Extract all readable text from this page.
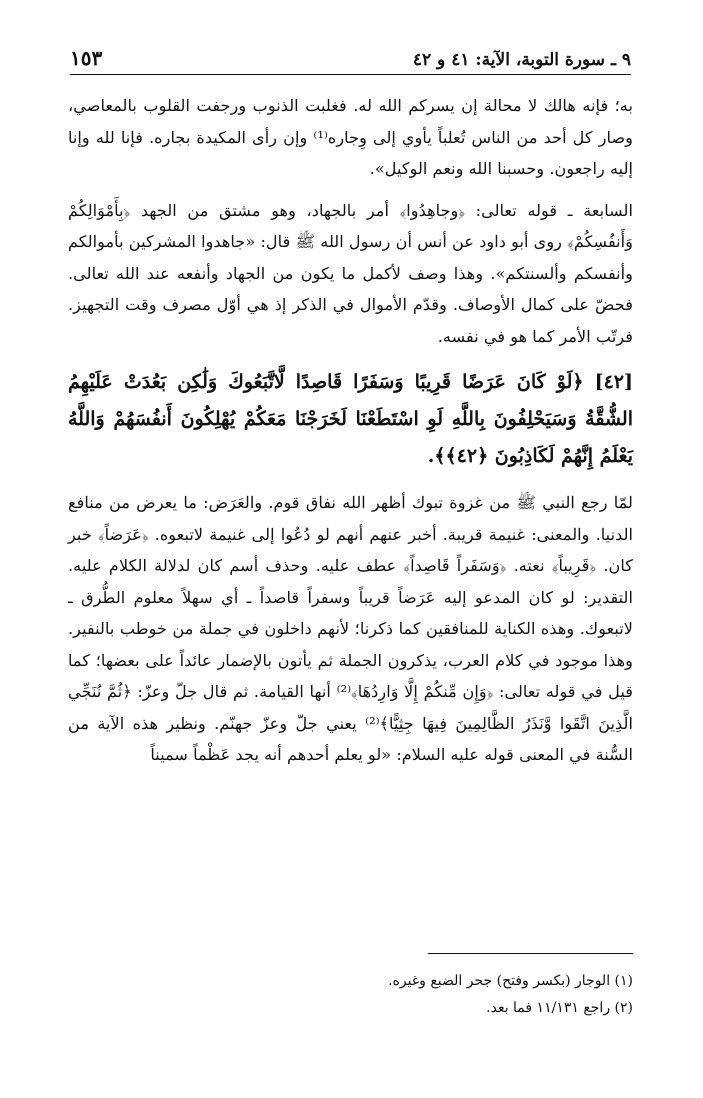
٩ ـ سورة التوبة، الآية: ٤١ و ٤٢
١٥٣

به؛ فإنه هالك لا محالة إن يسركم الله له. فغلبت الذنوب ورجفت القلوب بالمعاصي، وصار كل أحد من الناس تُعلباً يأوي إلى وِجاره⁽¹⁾ وإن رأى المكيدة بجاره. فإنا لله وإنا إليه راجعون. وحسبنا الله ونعم الوكيل».

السابعة ـ قوله تعالى: ﴿وجاهِدُوا﴾ أمر بالجهاد، وهو مشتق من الجهد ﴿بِأَمْوَالِكُمْ وَأَنفُسِكُمْ﴾ روى أبو داود عن أنس أن رسول الله ﷺ قال: «جاهدوا المشركين بأموالكم وأنفسكم وألسنتكم». وهذا وصف لأكمل ما يكون من الجهاد وأنفعه عند الله تعالى. فحضّ على كمال الأوصاف. وقدّم الأموال في الذكر إذ هي أوّل مصرف وقت التجهيز. فرتّب الأمر كما هو في نفسه.

[٤٢] ﴿لَوْ كَانَ عَرَضًا قَرِيبًا وَسَفَرًا قَاصِدًا لَّاتَّبَعُوكَ وَلَٰكِن بَعُدَتْ عَلَيْهِمُ الشُّقَّةُ وَسَيَحْلِفُونَ بِاللَّهِ لَوِ اسْتَطَعْنَا لَخَرَجْنَا مَعَكُمْ يُهْلِكُونَ أَنفُسَهُمْ وَاللَّهُ يَعْلَمُ إِنَّهُمْ لَكَاذِبُونَ ﴿٤٢﴾﴾.

لمّا رجع النبي ﷺ من غزوة تبوك أظهر الله نفاق قوم. والعَرَض: ما يعرض من منافع الدنيا. والمعنى: غنيمة قريبة. أخبر عنهم أنهم لو دُعُوا إلى غنيمة لاتبعوه. ﴿عَرَضاً﴾ خبر كان. ﴿قَرِيباً﴾ نعته. ﴿وَسَفَراً قَاصِداً﴾ عطف عليه. وحذف أسم كان لدلالة الكلام عليه. التقدير: لو كان المدعو إليه عَرَضاً قريباً وسفراً قاصداً ـ أي سهلاً معلوم الطُّرق ـ لاتبعوك. وهذه الكناية للمنافقين كما ذكرنا؛ لأنهم داخلون في جملة من خوطب بالنفير. وهذا موجود في كلام العرب، يذكرون الجملة ثم يأتون بالإضمار عائداً على بعضها؛ كما قيل في قوله تعالى: ﴿وَإِن مِّنكُمْ إِلَّا وَارِدُهَا﴾⁽²⁾ أنها القيامة. ثم قال جلّ وعزّ: ﴿ثُمَّ نُنَجِّي الَّذِينَ اتَّقَوا وَّنَذَرُ الظَّالِمِينَ فِيهَا جِثِيًّا﴾⁽²⁾ يعني جلّ وعزّ جهنّم. ونظير هذه الآية من السُّنة في المعنى قوله عليه السلام: «لو يعلم أحدهم أنه يجد عَظْماً سميناً

(١) الوجار (بكسر وفتح) جحر الضبع وغيره.

(٢) راجع ١١/١٣١ فما بعد.
